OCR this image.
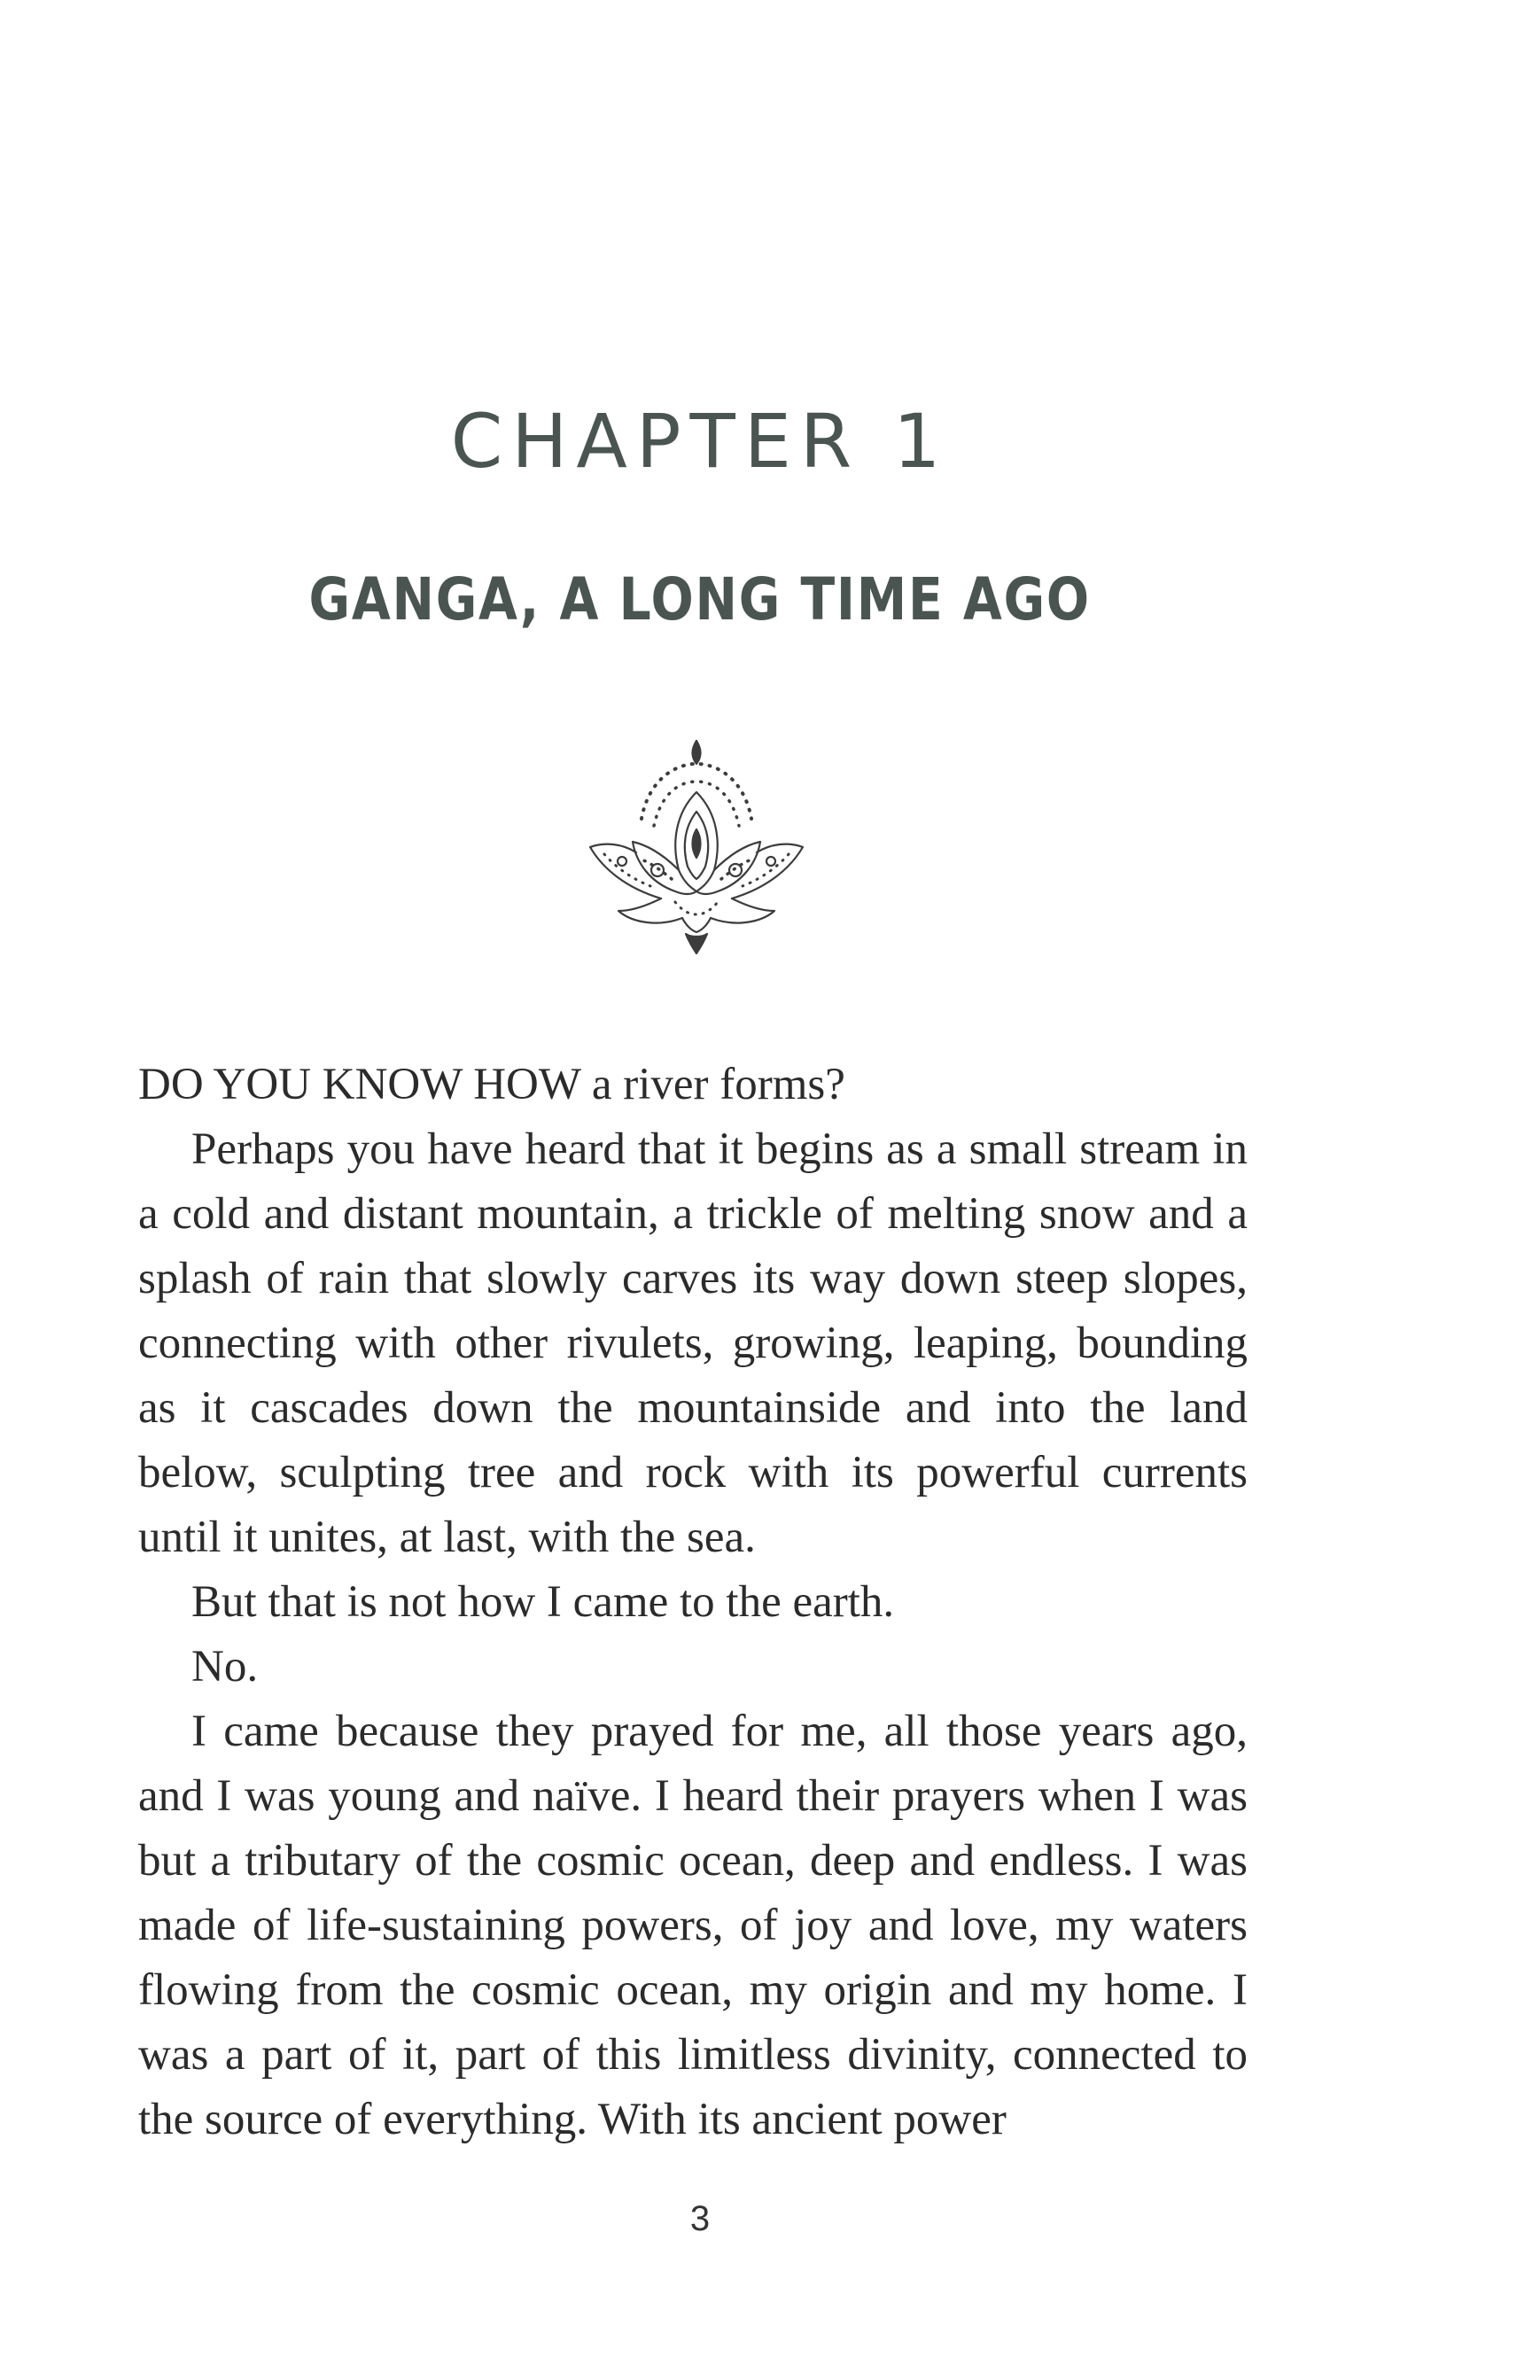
CHAPTER 1
GANGA, A LONG TIME AGO

DO YOU KNOW HOW a river forms?

Perhaps you have heard that it begins as a small stream in a cold and distant mountain, a trickle of melting snow and a splash of rain that slowly carves its way down steep slopes, connecting with other rivulets, growing, leaping, bounding as it cascades down the mountainside and into the land below, sculpting tree and rock with its powerful currents until it unites, at last, with the sea.

But that is not how I came to the earth.

No.

I came because they prayed for me, all those years ago, and I was young and naïve. I heard their prayers when I was but a tributary of the cosmic ocean, deep and endless. I was made of life-sustaining powers, of joy and love, my waters flowing from the cosmic ocean, my origin and my home. I was a part of it, part of this limitless divinity, connected to the source of everything. With its ancient power

3
